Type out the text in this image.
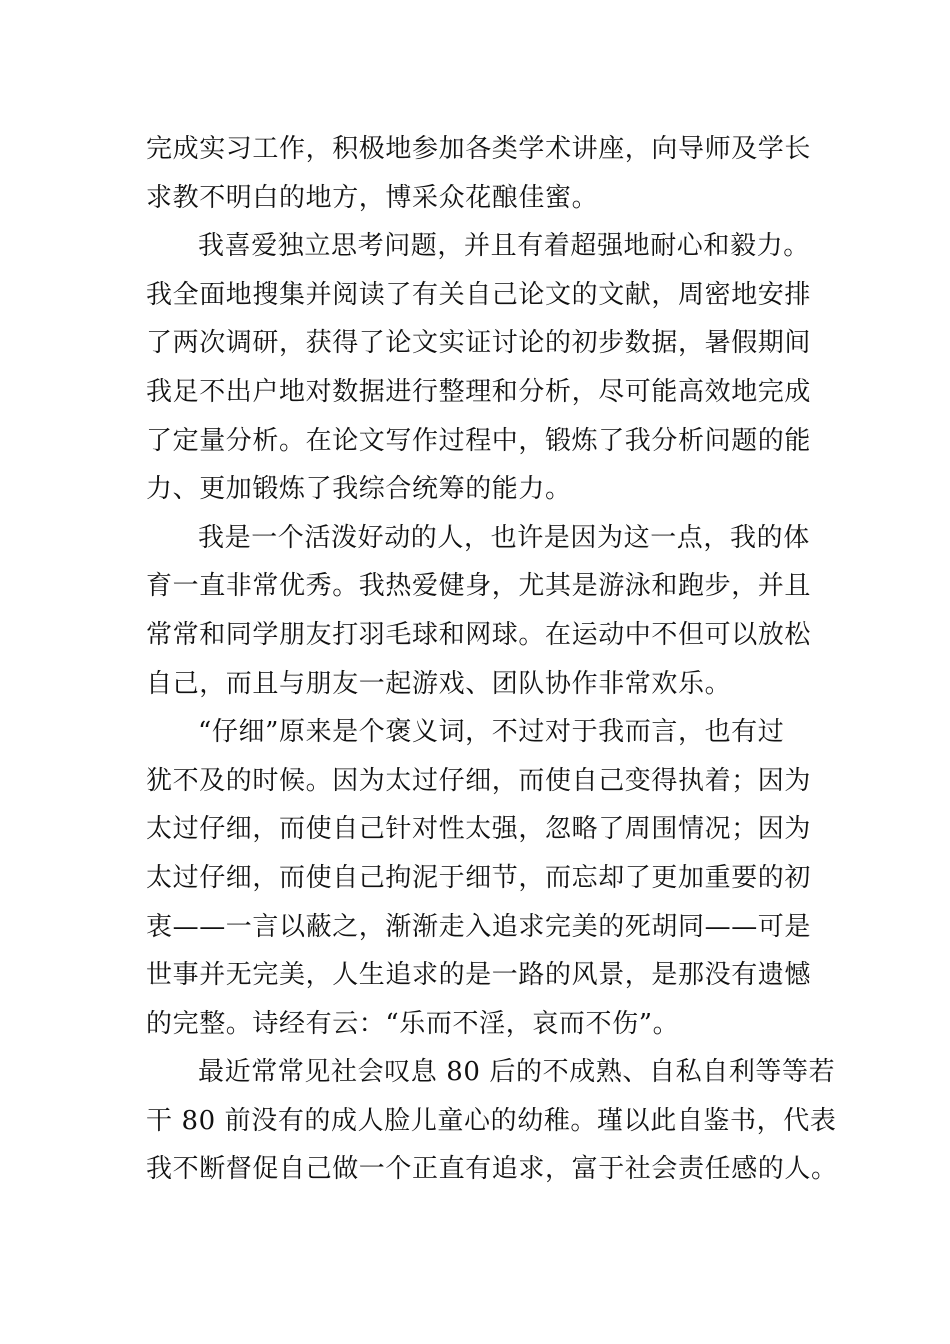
完成实习工作，积极地参加各类学术讲座，向导师及学长
求教不明白的地方，博采众花酿佳蜜。
我喜爱独立思考问题，并且有着超强地耐心和毅力。
我全面地搜集并阅读了有关自己论文的文献，周密地安排
了两次调研，获得了论文实证讨论的初步数据，暑假期间
我足不出户地对数据进行整理和分析，尽可能高效地完成
了定量分析。在论文写作过程中，锻炼了我分析问题的能
力、更加锻炼了我综合统筹的能力。
我是一个活泼好动的人，也许是因为这一点，我的体
育一直非常优秀。我热爱健身，尤其是游泳和跑步，并且
常常和同学朋友打羽毛球和网球。在运动中不但可以放松
自己，而且与朋友一起游戏、团队协作非常欢乐。
“仔细”原来是个褒义词，不过对于我而言，也有过
犹不及的时候。因为太过仔细，而使自己变得执着；因为
太过仔细，而使自己针对性太强，忽略了周围情况；因为
太过仔细，而使自己拘泥于细节，而忘却了更加重要的初
衷——一言以蔽之，渐渐走入追求完美的死胡同——可是
世事并无完美，人生追求的是一路的风景，是那没有遗憾
的完整。诗经有云：“乐而不淫，哀而不伤”。
最近常常见社会叹息 80 后的不成熟、自私自利等等若
干 80 前没有的成人脸儿童心的幼稚。瑾以此自鉴书，代表
我不断督促自己做一个正直有追求，富于社会责任感的人。
